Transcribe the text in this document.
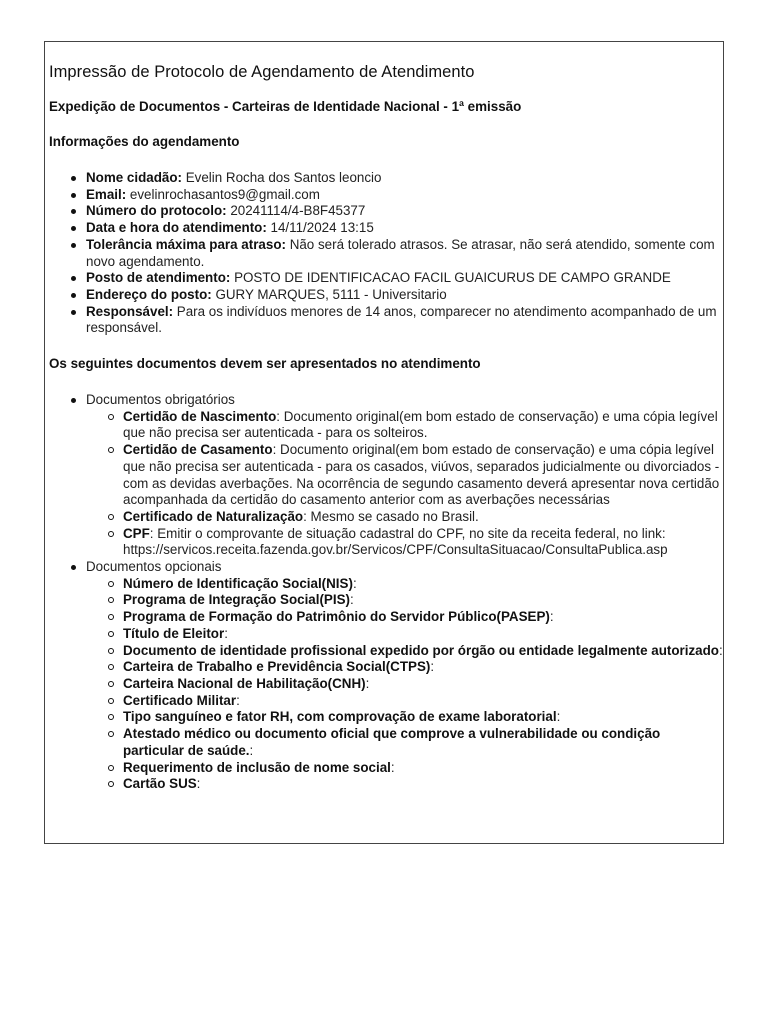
Impressão de Protocolo de Agendamento de Atendimento
Expedição de Documentos - Carteiras de Identidade Nacional - 1ª emissão
Informações do agendamento
Nome cidadão: Evelin Rocha dos Santos leoncio
Email: evelinrochasantos9@gmail.com
Número do protocolo: 20241114/4-B8F45377
Data e hora do atendimento: 14/11/2024 13:15
Tolerância máxima para atraso: Não será tolerado atrasos. Se atrasar, não será atendido, somente com novo agendamento.
Posto de atendimento: POSTO DE IDENTIFICACAO FACIL GUAICURUS DE CAMPO GRANDE
Endereço do posto: GURY MARQUES, 5111 - Universitario
Responsável: Para os indivíduos menores de 14 anos, comparecer no atendimento acompanhado de um responsável.
Os seguintes documentos devem ser apresentados no atendimento
Documentos obrigatórios
Certidão de Nascimento: Documento original(em bom estado de conservação) e uma cópia legível que não precisa ser autenticada - para os solteiros.
Certidão de Casamento: Documento original(em bom estado de conservação) e uma cópia legível que não precisa ser autenticada - para os casados, viúvos, separados judicialmente ou divorciados - com as devidas averbações. Na ocorrência de segundo casamento deverá apresentar nova certidão acompanhada da certidão do casamento anterior com as averbações necessárias
Certificado de Naturalização: Mesmo se casado no Brasil.
CPF: Emitir o comprovante de situação cadastral do CPF, no site da receita federal, no link:
https://servicos.receita.fazenda.gov.br/Servicos/CPF/ConsultaSituacao/ConsultaPublica.asp
Documentos opcionais
Número de Identificação Social(NIS):
Programa de Integração Social(PIS):
Programa de Formação do Patrimônio do Servidor Público(PASEP):
Título de Eleitor:
Documento de identidade profissional expedido por órgão ou entidade legalmente autorizado:
Carteira de Trabalho e Previdência Social(CTPS):
Carteira Nacional de Habilitação(CNH):
Certificado Militar:
Tipo sanguíneo e fator RH, com comprovação de exame laboratorial:
Atestado médico ou documento oficial que comprove a vulnerabilidade ou condição particular de saúde.:
Requerimento de inclusão de nome social:
Cartão SUS:
